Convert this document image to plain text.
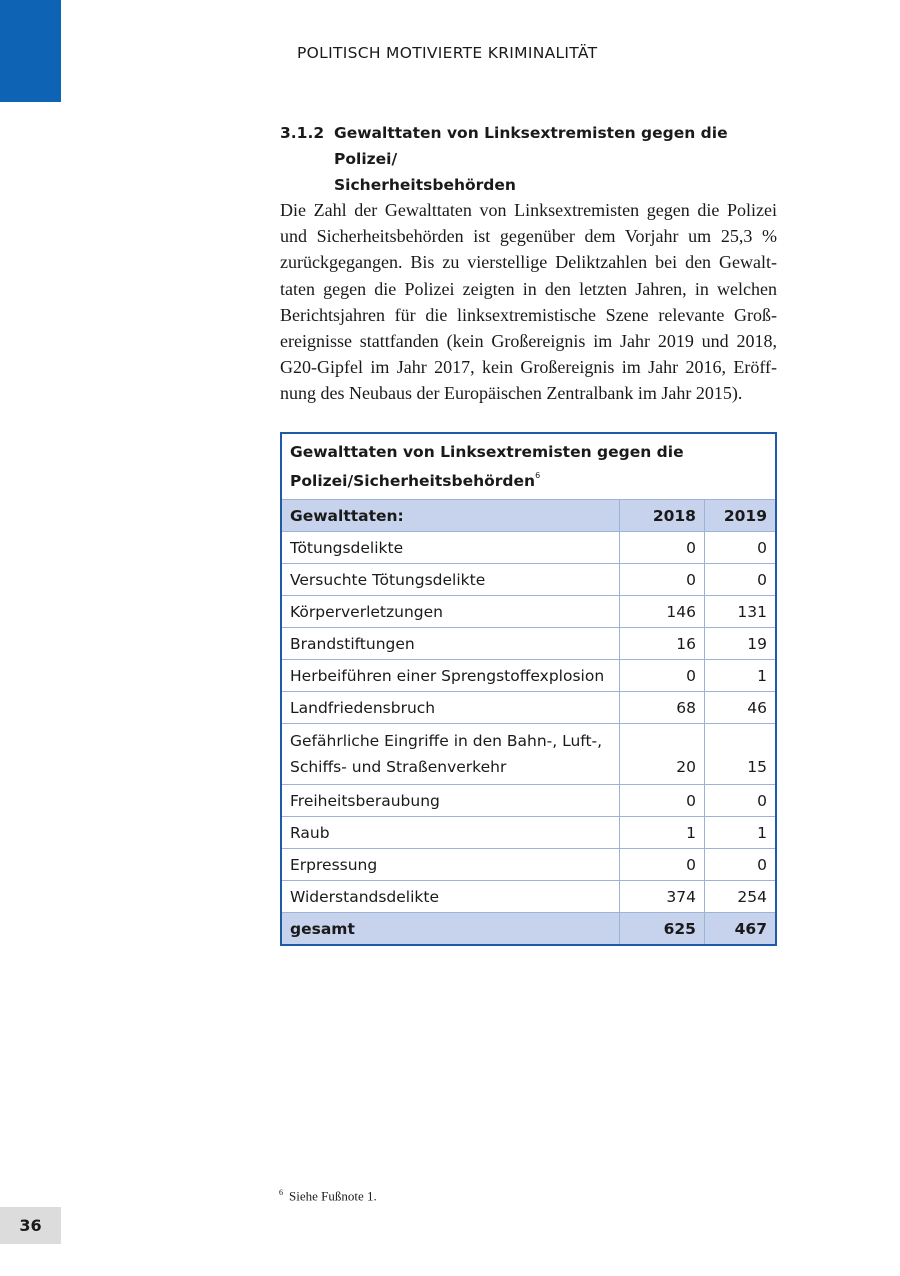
POLITISCH MOTIVIERTE KRIMINALITÄT
3.1.2 Gewalttaten von Linksextremisten gegen die Polizei/
Sicherheitsbehörden

Die Zahl der Gewalttaten von Linksextremisten gegen die Polizei und Sicherheitsbehörden ist gegenüber dem Vorjahr um 25,3 % zurückgegangen. Bis zu vierstellige Deliktzahlen bei den Gewalttaten gegen die Polizei zeigten in den letzten Jahren, in welchen Berichtsjahren für die linksextremistische Szene relevante Großereignisse stattfanden (kein Großereignis im Jahr 2019 und 2018, G20-Gipfel im Jahr 2017, kein Großereignis im Jahr 2016, Eröffnung des Neubaus der Europäischen Zentralbank im Jahr 2015).

Gewalttaten von Linksextremisten gegen die
Polizei/Sicherheitsbehörden$^6$

Gewalttaten:	2018	2019
Tötungsdelikte	0	0
Versuchte Tötungsdelikte	0	0
Körperverletzungen	146	131
Brandstiftungen	16	19
Herbeiführen einer Sprengstoffexplosion	0	1
Landfriedensbruch	68	46

Gefährliche Eingriffe in den Bahn-, Luft-,
Schiffs- und Straßenverkehr	20	15
Freiheitsberaubung	0	0
Raub	1	1
Erpressung	0	0
Widerstandsdelikte	374	254
gesamt	625	467
$^6$ Siehe Fußnote 1.
36
